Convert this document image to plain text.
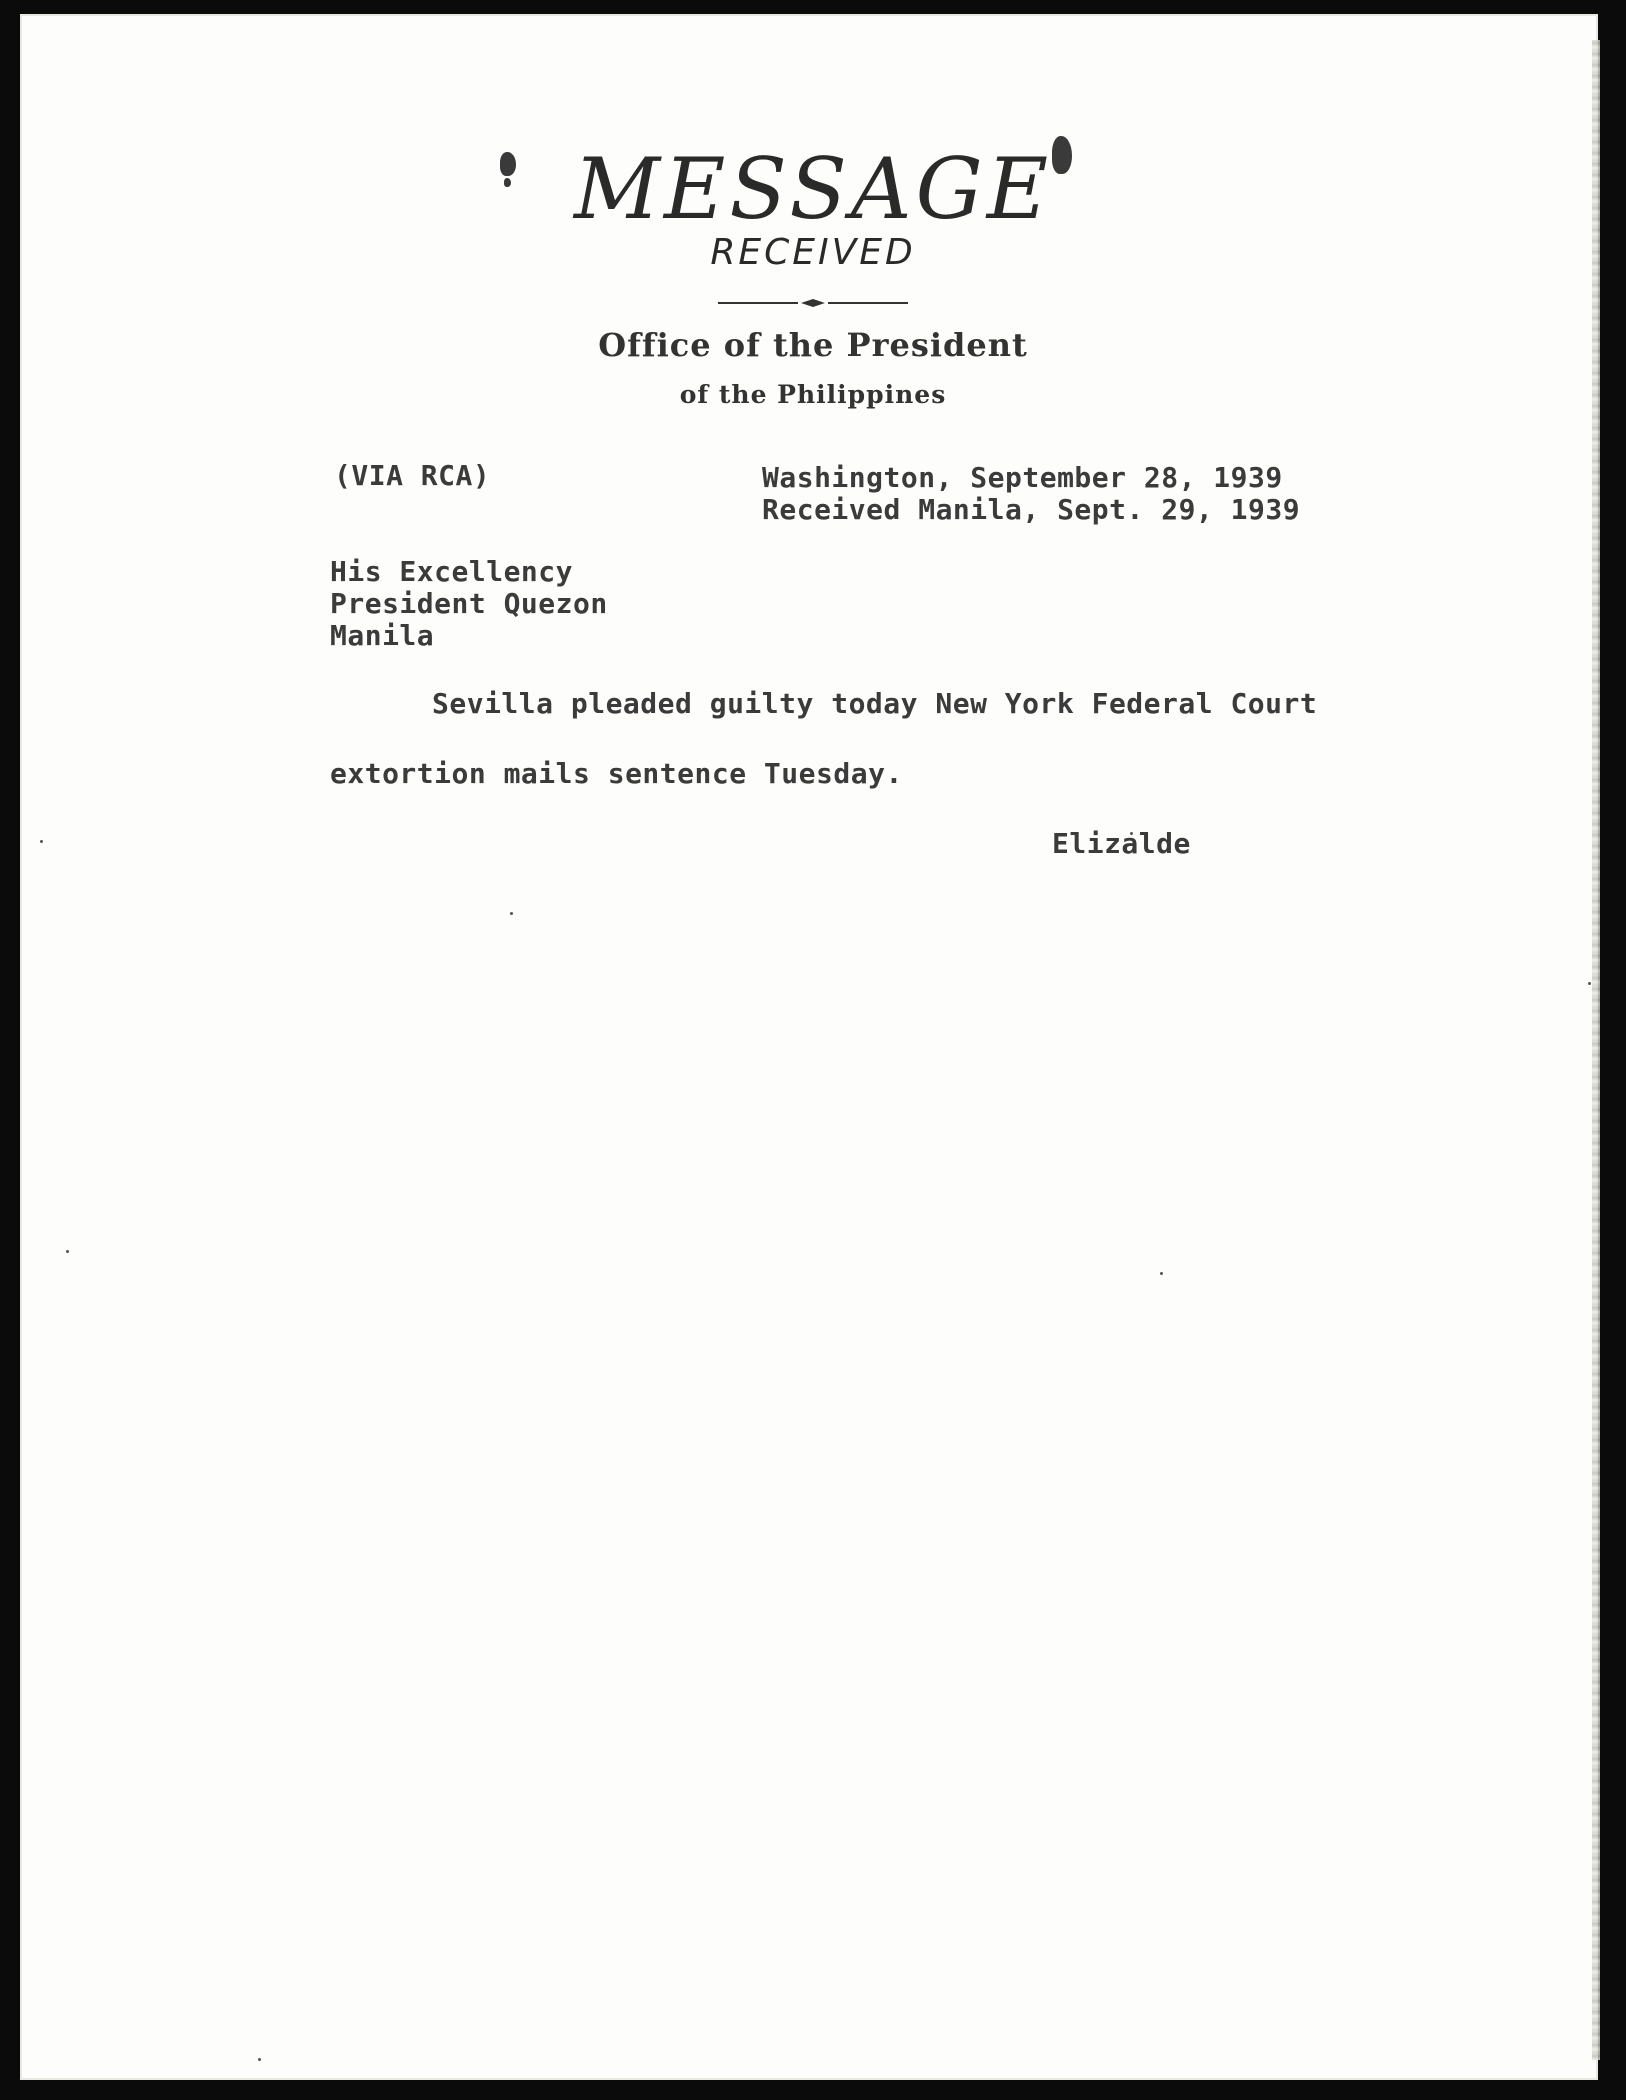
MESSAGE
RECEIVED
Office of the President
of the Philippines
(VIA RCA)	Washington, September 28, 1939
Received Manila, Sept. 29, 1939
His Excellency
President Quezon
Manila
Sevilla pleaded guilty today New York Federal Court
extortion mails sentence Tuesday.
Elizalde
